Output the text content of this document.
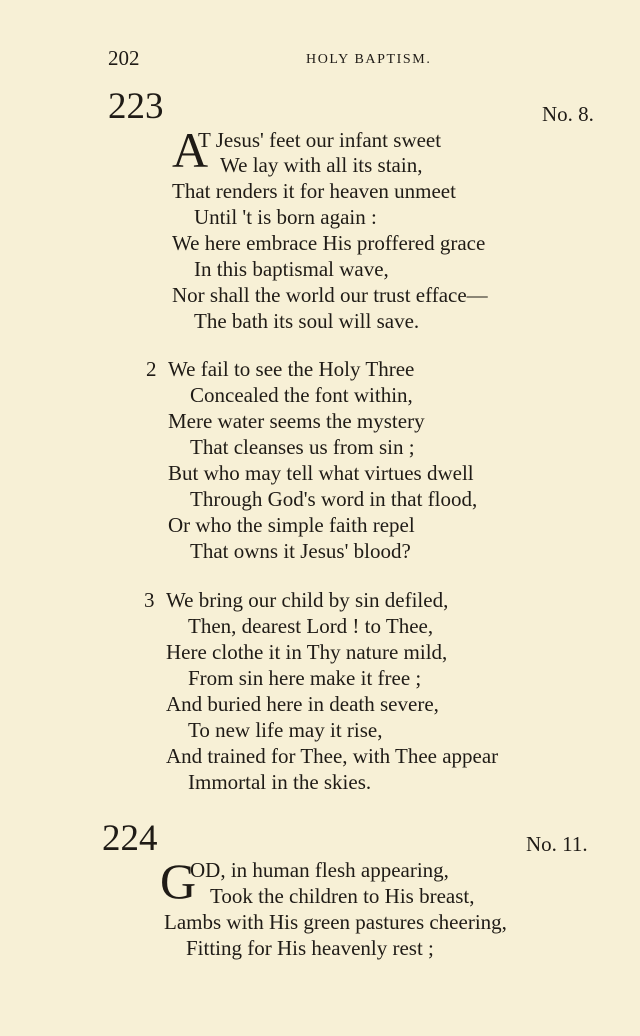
202	HOLY BAPTISM.
223	No. 8.
A
T Jesus' feet our infant sweet
We lay with all its stain,
That renders it for heaven unmeet
Until 't is born again :
We here embrace His proffered grace
In this baptismal wave,
Nor shall the world our trust efface—
The bath its soul will save.
2 We fail to see the Holy Three
Concealed the font within,
Mere water seems the mystery
That cleanses us from sin ;
But who may tell what virtues dwell
Through God's word in that flood,
Or who the simple faith repel
That owns it Jesus' blood?
3 We bring our child by sin defiled,
Then, dearest Lord ! to Thee,
Here clothe it in Thy nature mild,
From sin here make it free ;
And buried here in death severe,
To new life may it rise,
And trained for Thee, with Thee appear
Immortal in the skies.
224	No. 11.
G
OD, in human flesh appearing,
Took the children to His breast,
Lambs with His green pastures cheering,
Fitting for His heavenly rest ;
